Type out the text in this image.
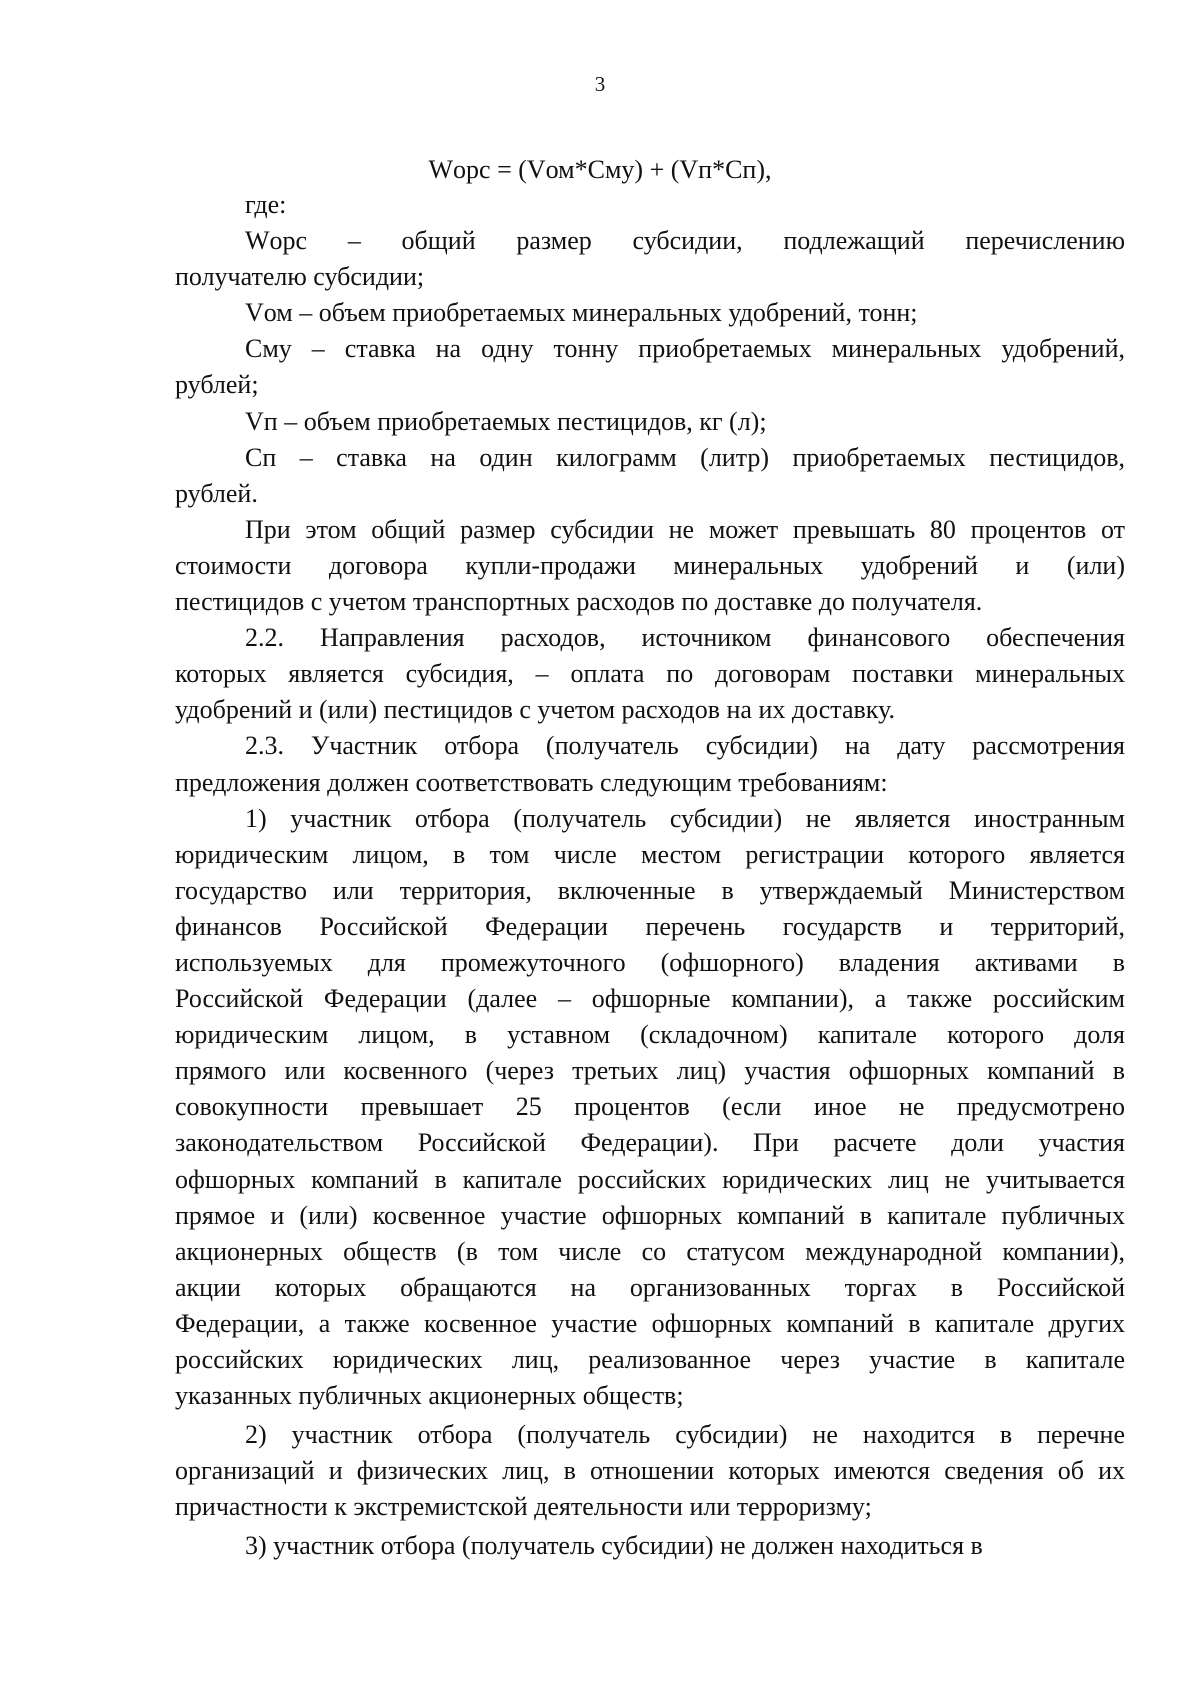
3
Wорс = (Vом*Смy) + (Vп*Сп),
где:
Wорс – общий размер субсидии, подлежащий перечислению
получателю субсидии;
Vом – объем приобретаемых минеральных удобрений, тонн;
Смy – ставка на одну тонну приобретаемых минеральных удобрений,
рублей;
Vп – объем приобретаемых пестицидов, кг (л);
Сп – ставка на один килограмм (литр) приобретаемых пестицидов,
рублей.
При этом общий размер субсидии не может превышать 80 процентов от
стоимости договора купли-продажи минеральных удобрений и (или)
пестицидов с учетом транспортных расходов по доставке до получателя.
2.2. Направления расходов, источником финансового обеспечения
которых является субсидия, – оплата по договорам поставки минеральных
удобрений и (или) пестицидов с учетом расходов на их доставку.
2.3. Участник отбора (получатель субсидии) на дату рассмотрения
предложения должен соответствовать следующим требованиям:
1) участник отбора (получатель субсидии) не является иностранным
юридическим лицом, в том числе местом регистрации которого является
государство или территория, включенные в утверждаемый Министерством
финансов Российской Федерации перечень государств и территорий,
используемых для промежуточного (офшорного) владения активами в
Российской Федерации (далее – офшорные компании), а также российским
юридическим лицом, в уставном (складочном) капитале которого доля
прямого или косвенного (через третьих лиц) участия офшорных компаний в
совокупности превышает 25 процентов (если иное не предусмотрено
законодательством Российской Федерации). При расчете доли участия
офшорных компаний в капитале российских юридических лиц не учитывается
прямое и (или) косвенное участие офшорных компаний в капитале публичных
акционерных обществ (в том числе со статусом международной компании),
акции которых обращаются на организованных торгах в Российской
Федерации, а также косвенное участие офшорных компаний в капитале других
российских юридических лиц, реализованное через участие в капитале
указанных публичных акционерных обществ;
2) участник отбора (получатель субсидии) не находится в перечне
организаций и физических лиц, в отношении которых имеются сведения об их
причастности к экстремистской деятельности или терроризму;
3) участник отбора (получатель субсидии) не должен находиться в
